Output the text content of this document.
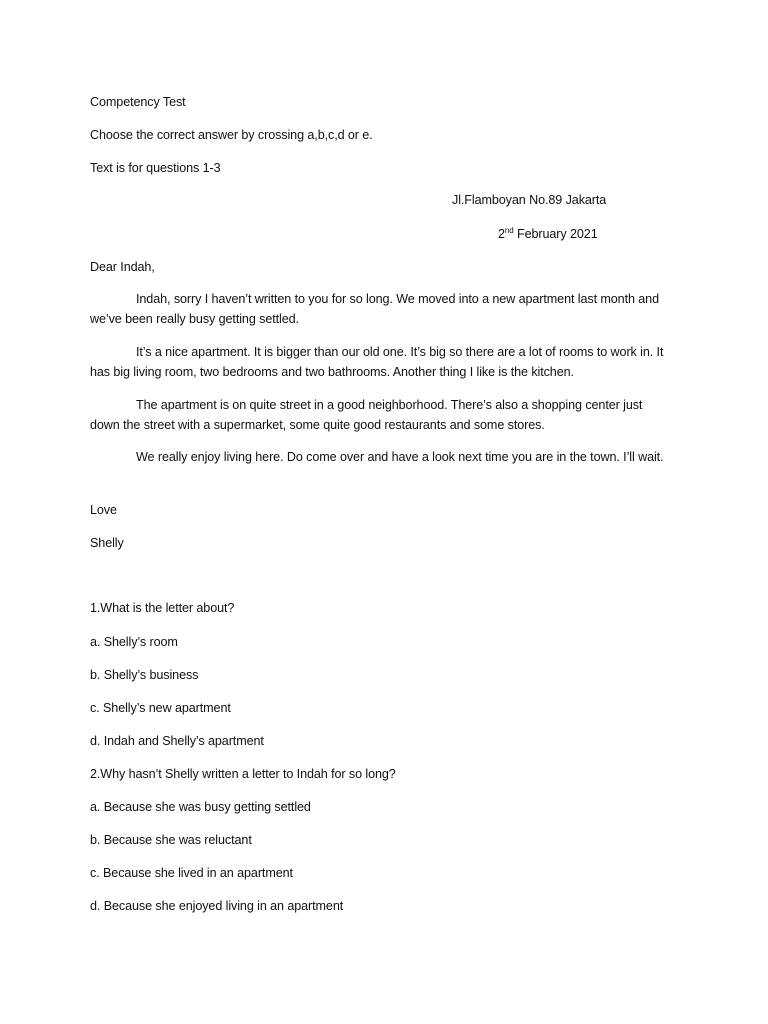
Competency Test
Choose the correct answer by crossing a,b,c,d or e.
Text is for questions 1-3
Jl.Flamboyan No.89 Jakarta
2nd February 2021
Dear Indah,

Indah, sorry I haven’t written to you for so long. We moved into a new apartment last month and we’ve been really busy getting settled.

It’s a nice apartment. It is bigger than our old one. It’s big so there are a lot of rooms to work in. It has big living room, two bedrooms and two bathrooms. Another thing I like is the kitchen.

The apartment is on quite street in a good neighborhood. There’s also a shopping center just down the street with a supermarket, some quite good restaurants and some stores.

We really enjoy living here. Do come over and have a look next time you are in the town. I’ll wait.

Love
Shelly
1.What is the letter about?
a. Shelly’s room
b. Shelly’s business
c. Shelly’s new apartment
d. Indah and Shelly’s apartment
2.Why hasn’t Shelly written a letter to Indah for so long?
a. Because she was busy getting settled
b. Because she was reluctant
c. Because she lived in an apartment
d. Because she enjoyed living in an apartment
